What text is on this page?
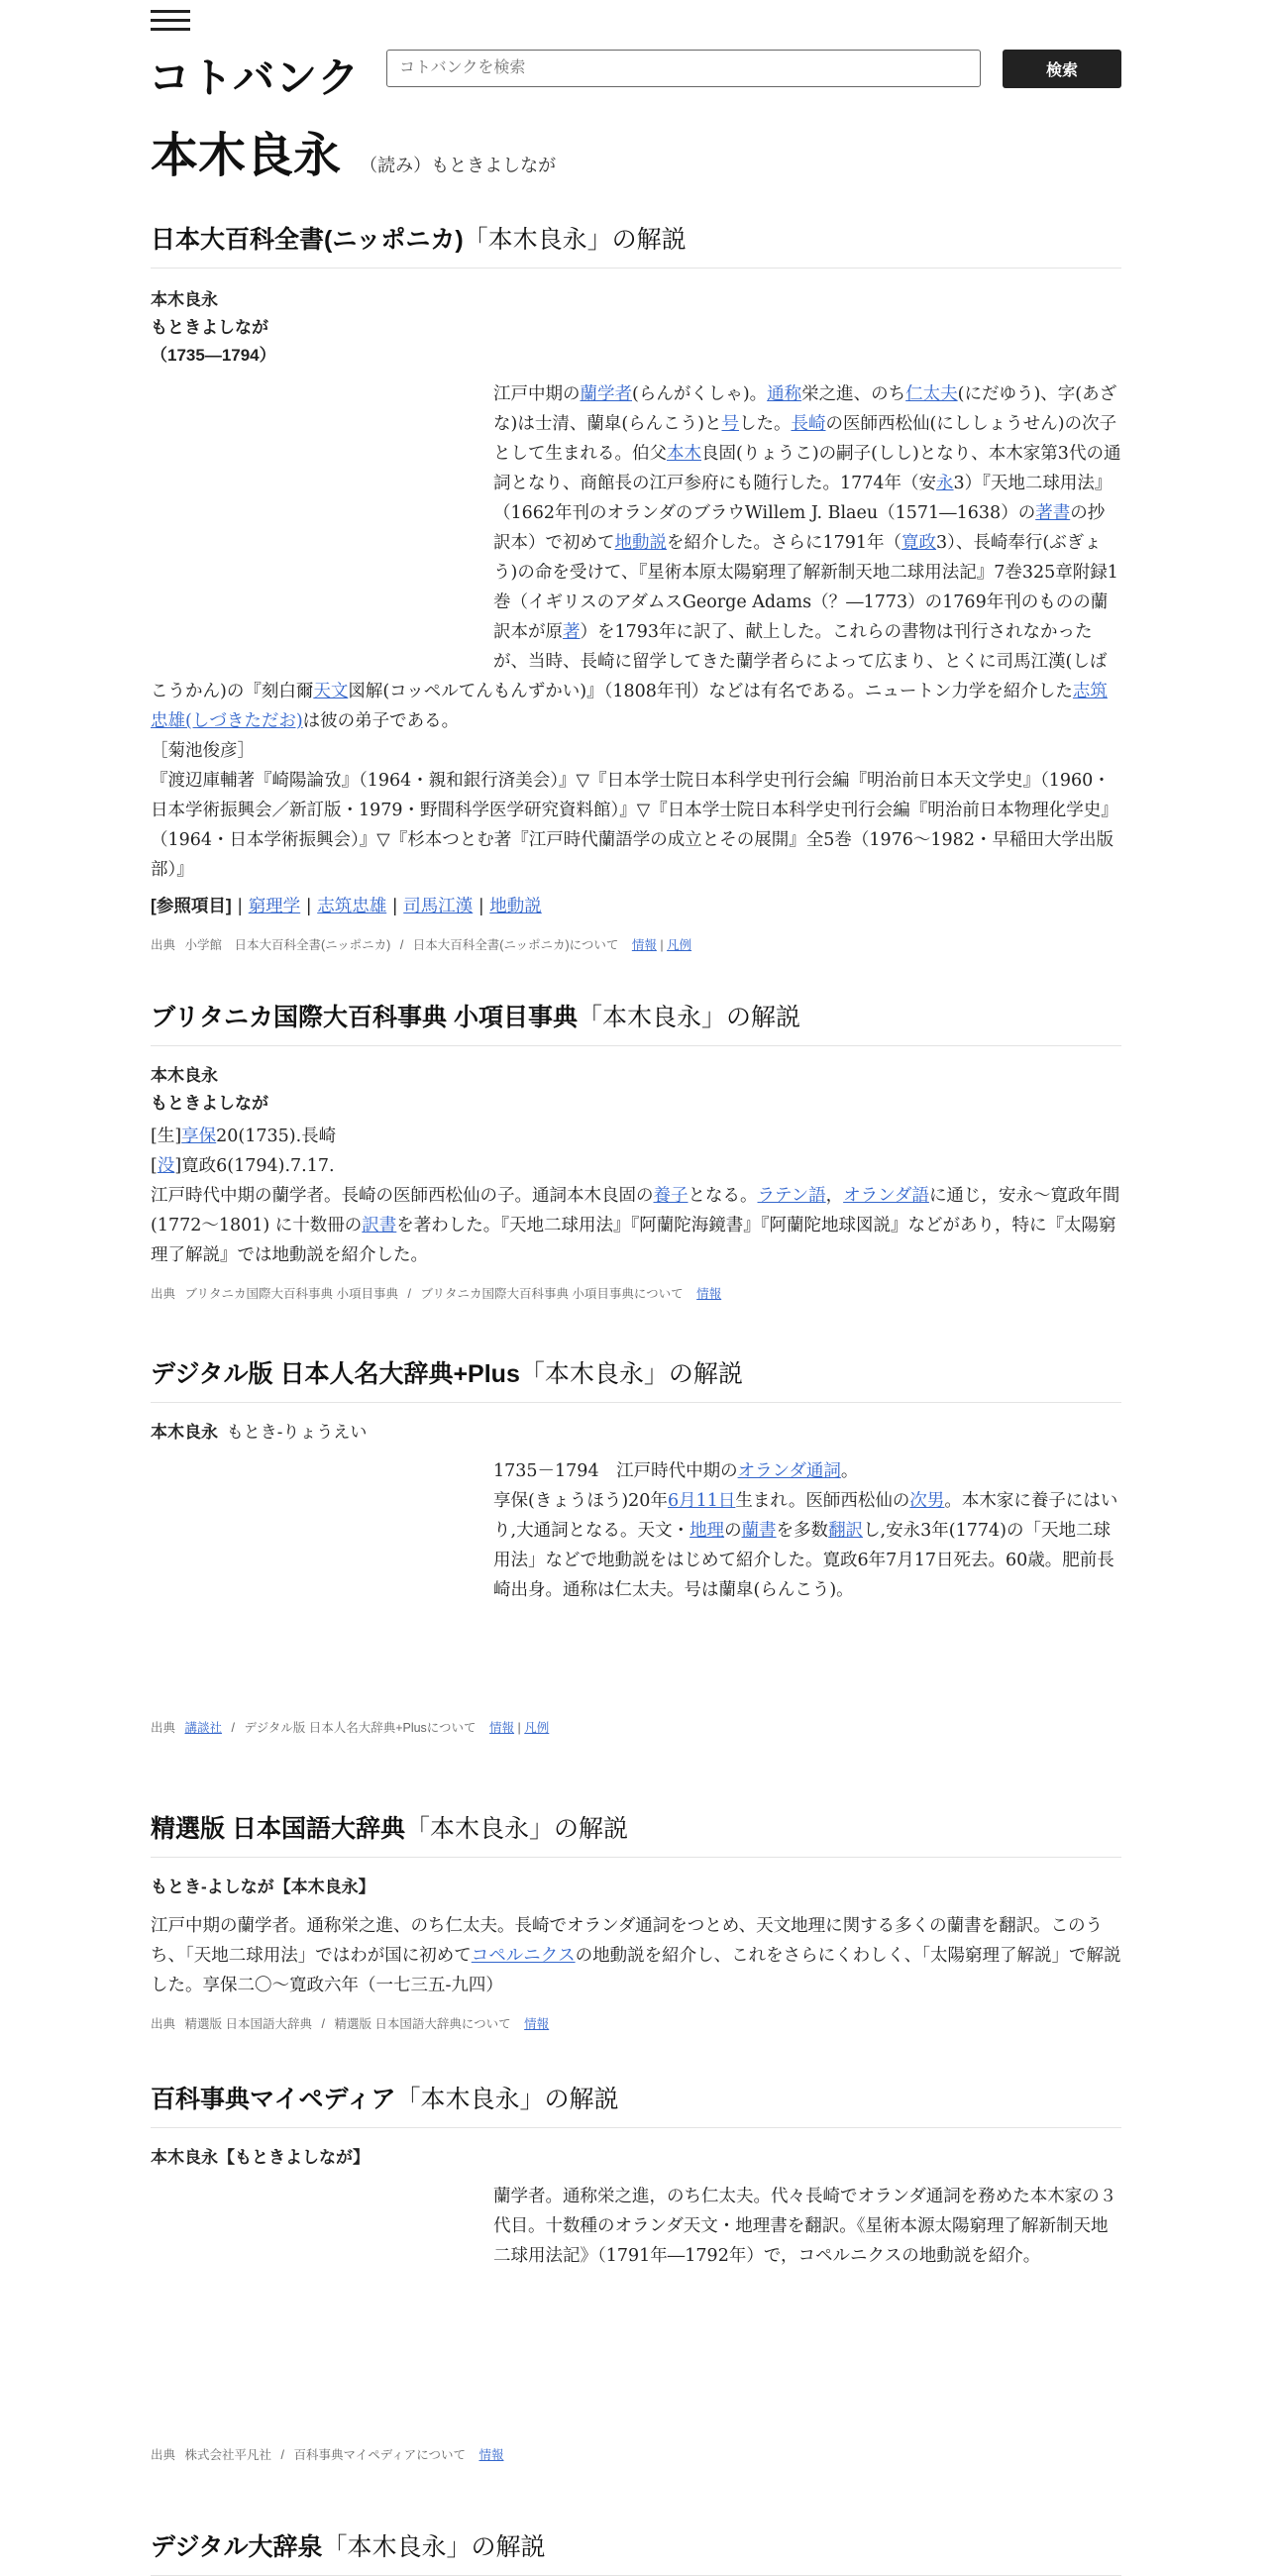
コトバンク
コトバンクを検索	検索
本木良永 （読み）もときよしなが
日本大百科全書(ニッポニカ)「本木良永」の解説
本木良永
もときよしなが
（1735―1794）
江戸中期の蘭学者(らんがくしゃ)。通称栄之進、のち仁太夫(にだゆう)、字(あざな)は士清、蘭皐(らんこう)と号した。長崎の医師西松仙(にししょうせん)の次子として生まれる。伯父本木良固(りょうこ)の嗣子(しし)となり、本木家第3代の通詞となり、商館長の江戸参府にも随行した。1774年（安永3）『天地二球用法』（1662年刊のオランダのブラウWillem J. Blaeu（1571―1638）の著書の抄訳本）で初めて地動説を紹介した。さらに1791年（寛政3）、長崎奉行(ぶぎょう)の命を受けて、『星術本原太陽窮理了解新制天地二球用法記』7巻325章附録1巻（イギリスのアダムスGeorge Adams（？―1773）の1769年刊のものの蘭訳本が原著）を1793年に訳了、献上した。これらの書物は刊行されなかったが、当時、長崎に留学してきた蘭学者らによって広まり、とくに司馬江漢(しばこうかん)の『刻白爾天文図解(コッペルてんもんずかい)』（1808年刊）などは有名である。ニュートン力学を紹介した志筑忠雄(しづきただお)は彼の弟子である。
［菊池俊彦］
『渡辺庫輔著『崎陽論攷』（1964・親和銀行済美会）』▽『日本学士院日本科学史刊行会編『明治前日本天文学史』（1960・日本学術振興会／新訂版・1979・野間科学医学研究資料館）』▽『日本学士院日本科学史刊行会編『明治前日本物理化学史』（1964・日本学術振興会）』▽『杉本つとむ著『江戸時代蘭語学の成立とその展開』全5巻（1976～1982・早稲田大学出版部）』
[参照項目] | 窮理学 | 志筑忠雄 | 司馬江漢 | 地動説
出典 小学館　日本大百科全書(ニッポニカ) / 日本大百科全書(ニッポニカ)について 情報 | 凡例
ブリタニカ国際大百科事典 小項目事典「本木良永」の解説
本木良永
もときよしなが

[生]享保20(1735).長崎

[没]寛政6(1794).7.17.

江戸時代中期の蘭学者。長崎の医師西松仙の子。通詞本木良固の養子となる。ラテン語，オランダ語に通じ，安永～寛政年間 (1772～1801) に十数冊の訳書を著わした。『天地二球用法』『阿蘭陀海鏡書』『阿蘭陀地球図説』などがあり，特に『太陽窮理了解説』では地動説を紹介した。

出典 ブリタニカ国際大百科事典 小項目事典 / ブリタニカ国際大百科事典 小項目事典について 情報
デジタル版 日本人名大辞典+Plus「本木良永」の解説
本木良永 もとき-りょうえい

1735－1794　江戸時代中期のオランダ通詞。

享保(きょうほう)20年6月11日生まれ。医師西松仙の次男。本木家に養子にはいり,大通詞となる。天文・地理の蘭書を多数翻訳し,安永3年(1774)の「天地二球用法」などで地動説をはじめて紹介した。寛政6年7月17日死去。60歳。肥前長崎出身。通称は仁太夫。号は蘭皐(らんこう)。

出典 講談社 / デジタル版 日本人名大辞典+Plusについて 情報 | 凡例
精選版 日本国語大辞典「本木良永」の解説
もとき‐よしなが【本木良永】

江戸中期の蘭学者。通称栄之進、のち仁太夫。長崎でオランダ通詞をつとめ、天文地理に関する多くの蘭書を翻訳。このうち、「天地二球用法」ではわが国に初めてコペルニクスの地動説を紹介し、これをさらにくわしく、「太陽窮理了解説」で解説した。享保二〇～寛政六年（一七三五‐九四）

出典 精選版 日本国語大辞典 / 精選版 日本国語大辞典について 情報
百科事典マイペディア「本木良永」の解説
本木良永【もときよしなが】

蘭学者。通称栄之進，のち仁太夫。代々長崎でオランダ通詞を務めた本木家の３代目。十数種のオランダ天文・地理書を翻訳。《星術本源太陽窮理了解新制天地二球用法記》（1791年―1792年）で，コペルニクスの地動説を紹介。

出典 株式会社平凡社 / 百科事典マイペディアについて 情報
デジタル大辞泉「本木良永」の解説
